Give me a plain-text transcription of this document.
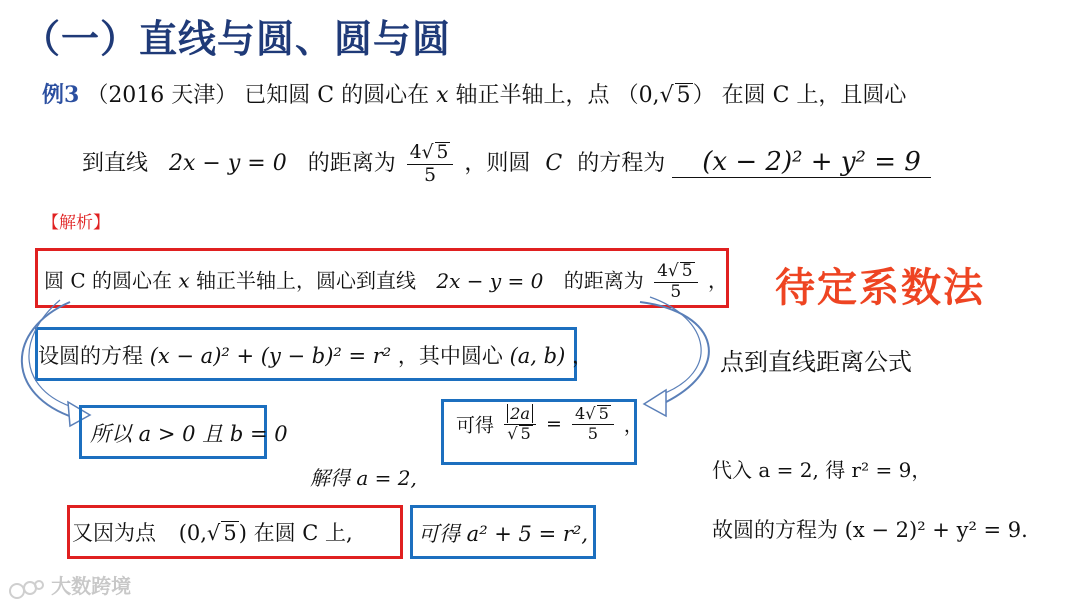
（一）直线与圆、圆与圆
例3 （2016 天津） 已知圆 C 的圆心在 x 轴正半轴上，点 （0,√ 5） 在圆 C 上，且圆心
到直线 2x − y = 0 的距离为 $\frac{4√ 5}{5}$ ，则圆 C 的方程为 (x − 2)² + y² = 9
【解析】
圆 C 的圆心在 x 轴正半轴上，圆心到直线 2x − y = 0 的距离为 $\frac{4√ 5}{5}$ ， 待定系数法
设圆的方程 (x − a)² + (y − b)² = r² ，其中圆心 (a, b) ，	点到直线距离公式
所以 a > 0 且 b = 0	可得 $\frac{2a}{√ 5} = \frac{4√ 5}{5}$ ，
解得 a = 2,	代入 a = 2, 得 r² = 9，
又因为点 (0,√ 5) 在圆 C 上,	可得 a² + 5 = r²,	故圆的方程为 (x − 2)² + y² = 9.
大数跨境
